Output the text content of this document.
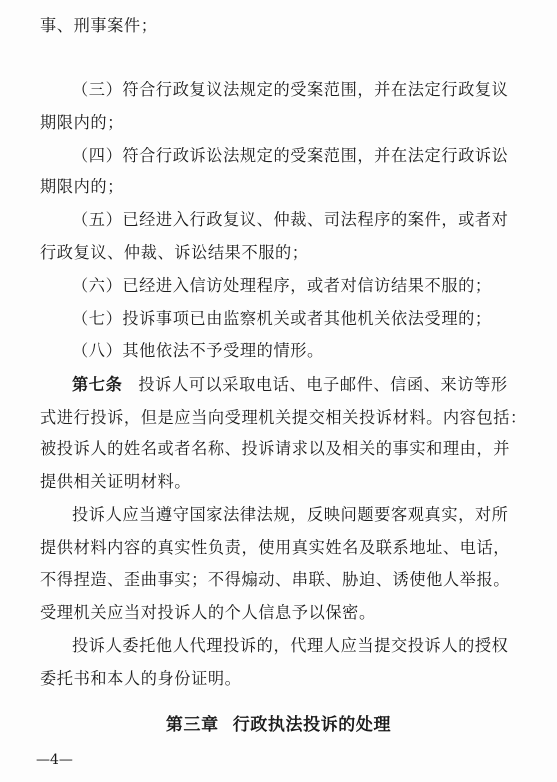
事、刑事案件；
（三）符合行政复议法规定的受案范围，并在法定行政复议
期限内的；
（四）符合行政诉讼法规定的受案范围，并在法定行政诉讼
期限内的；
（五）已经进入行政复议、仲裁、司法程序的案件，或者对
行政复议、仲裁、诉讼结果不服的；
（六）已经进入信访处理程序，或者对信访结果不服的；
（七）投诉事项已由监察机关或者其他机关依法受理的；
（八）其他依法不予受理的情形。
第七条 投诉人可以采取电话、电子邮件、信函、来访等形
式进行投诉，但是应当向受理机关提交相关投诉材料。内容包括：
被投诉人的姓名或者名称、投诉请求以及相关的事实和理由，并
提供相关证明材料。
投诉人应当遵守国家法律法规，反映问题要客观真实，对所
提供材料内容的真实性负责，使用真实姓名及联系地址、电话，
不得捏造、歪曲事实；不得煽动、串联、胁迫、诱使他人举报。
受理机关应当对投诉人的个人信息予以保密。
投诉人委托他人代理投诉的，代理人应当提交投诉人的授权
委托书和本人的身份证明。
第三章 行政执法投诉的处理
—4—
